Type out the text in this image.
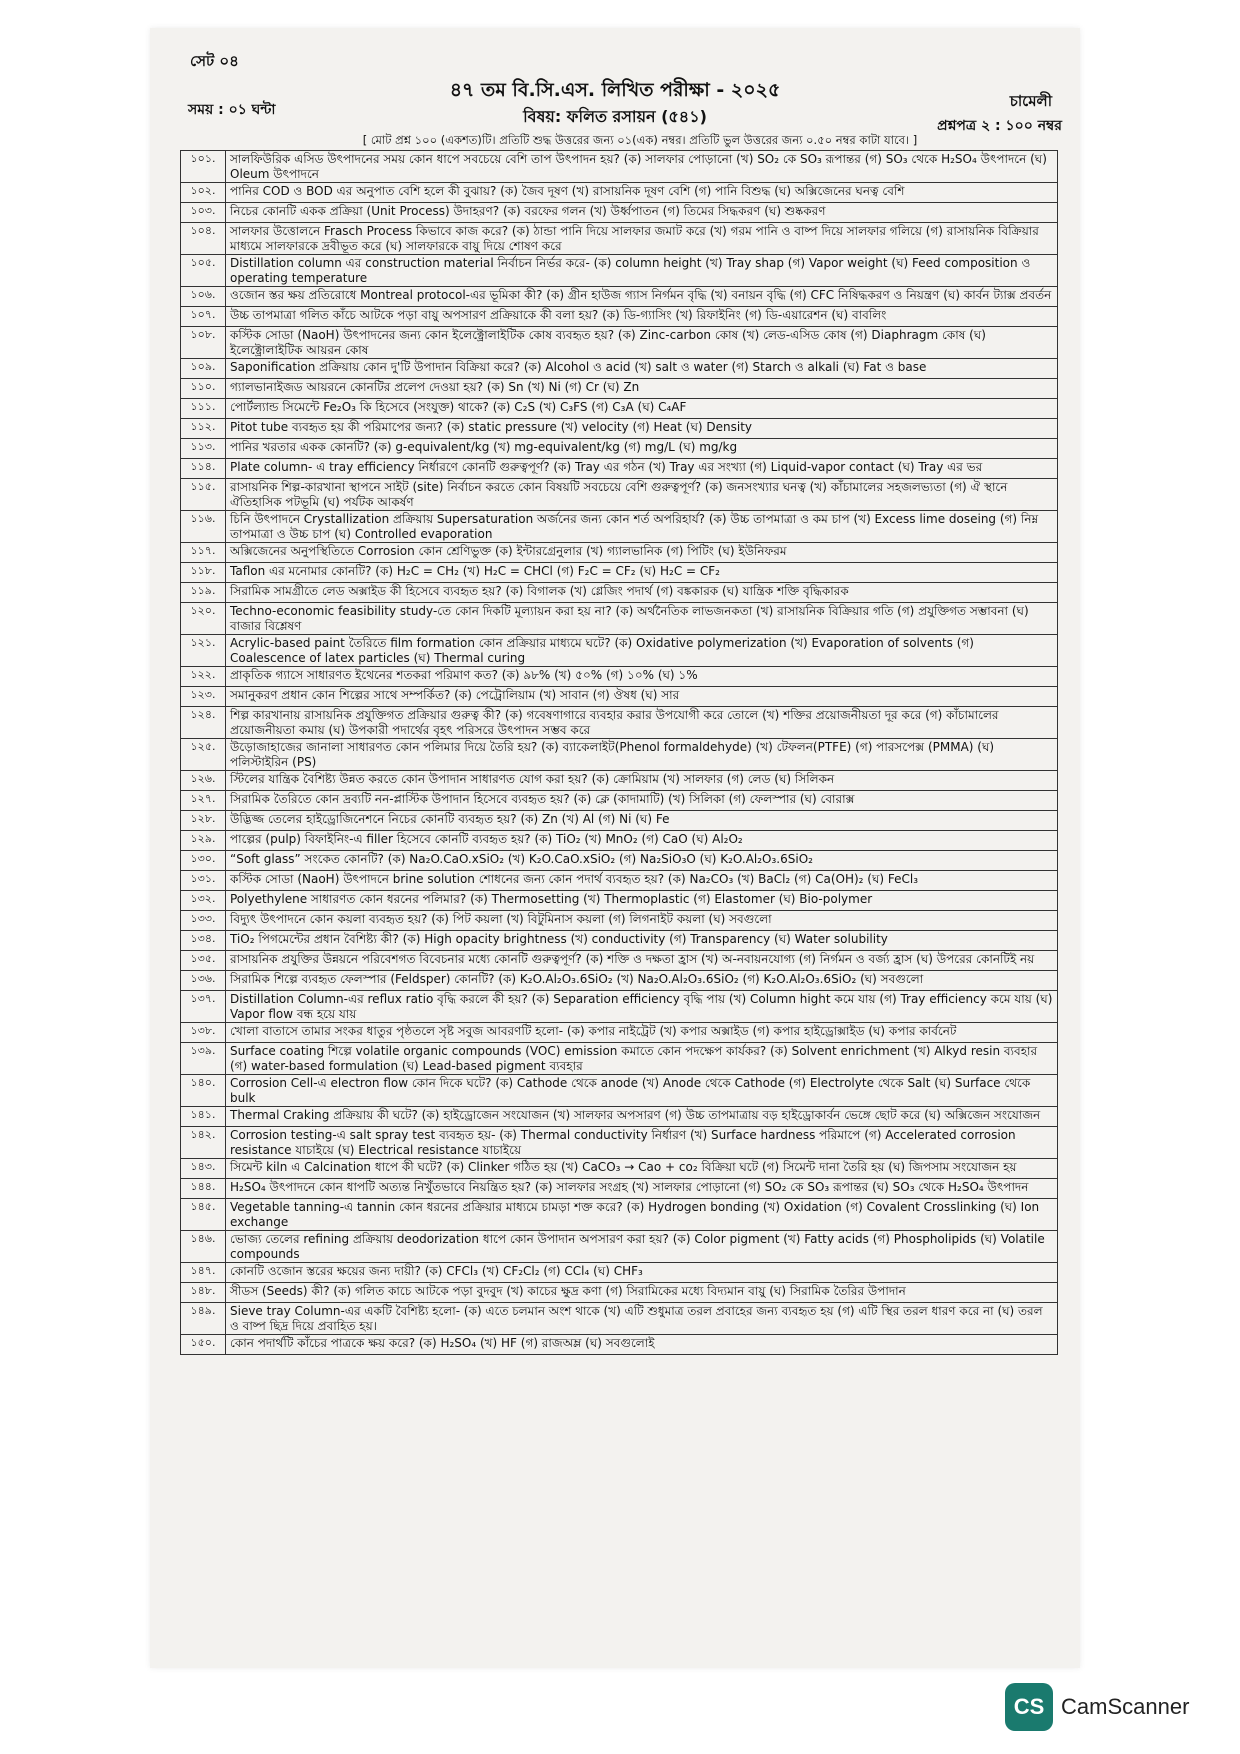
সেট ০৪
৪৭ তম বি.সি.এস. লিখিত পরীক্ষা - ২০২৫
সময় : ০১ ঘন্টা	বিষয়: ফলিত রসায়ন (৫৪১)
চামেলী
প্রশ্নপত্র ২ : ১০০ নম্বর
[ মোট প্রশ্ন ১০০ (একশত)টি। প্রতিটি শুদ্ধ উত্তরের জন্য ০১(এক) নম্বর। প্রতিটি ভুল উত্তরের জন্য ০.৫০ নম্বর কাটা যাবে। ]
১০১.	সালফিউরিক এসিড উৎপাদনের সময় কোন ধাপে সবচেয়ে বেশি তাপ উৎপাদন হয়? (ক) সালফার পোড়ানো (খ) SO₂ কে SO₃ রূপান্তর (গ) SO₃ থেকে H₂SO₄ উৎপাদনে (ঘ) Oleum উৎপাদনে
১০২.	পানির COD ও BOD এর অনুপাত বেশি হলে কী বুঝায়? (ক) জৈব দূষণ (খ) রাসায়নিক দূষণ বেশি (গ) পানি বিশুদ্ধ (ঘ) অক্সিজেনের ঘনত্ব বেশি
১০৩.	নিচের কোনটি একক প্রক্রিয়া (Unit Process) উদাহরণ? (ক) বরফের গলন (খ) উর্ধ্বপাতন (গ) তিমের সিদ্ধকরণ (ঘ) শুষ্ককরণ
১০৪.	সালফার উত্তোলনে Frasch Process কিভাবে কাজ করে? (ক) ঠান্ডা পানি দিয়ে সালফার জমাট করে (খ) গরম পানি ও বাষ্প দিয়ে সালফার গলিয়ে (গ) রাসায়নিক বিক্রিয়ার মাধ্যমে সালফারকে দ্রবীভূত করে (ঘ) সালফারকে বায়ু দিয়ে শোষণ করে
১০৫.	Distillation column এর construction material নির্বাচন নির্ভর করে- (ক) column height (খ) Tray shap (গ) Vapor weight (ঘ) Feed composition ও operating temperature
১০৬.	ওজোন স্তর ক্ষয় প্রতিরোধে Montreal protocol-এর ভূমিকা কী? (ক) গ্রীন হাউজ গ্যাস নির্গমন বৃদ্ধি (খ) বনায়ন বৃদ্ধি (গ) CFC নিষিদ্ধকরণ ও নিয়ন্ত্রণ (ঘ) কার্বন ট্যাক্স প্রবর্তন
১০৭.	উচ্চ তাপমাত্রা গলিত কাঁচে আটকে পড়া বায়ু অপসারণ প্রক্রিয়াকে কী বলা হয়? (ক) ডি-গ্যাসিং (খ) রিফাইনিং (গ) ডি-এয়ারেশন (ঘ) বাবলিং
১০৮.	কস্টিক সোডা (NaoH) উৎপাদনের জন্য কোন ইলেক্ট্রোলাইটিক কোষ ব্যবহৃত হয়? (ক) Zinc-carbon কোষ (খ) লেড-এসিড কোষ (গ) Diaphragm কোষ (ঘ) ইলেক্ট্রোলাইটিক আয়রন কোষ
১০৯.	Saponification প্রক্রিয়ায় কোন দু'টি উপাদান বিক্রিয়া করে? (ক) Alcohol ও acid (খ) salt ও water (গ) Starch ও alkali (ঘ) Fat ও base
১১০.	গ্যালভানাইজড আয়রনে কোনটির প্রলেপ দেওয়া হয়? (ক) Sn (খ) Ni (গ) Cr (ঘ) Zn
১১১.	পোর্টল্যান্ড সিমেন্টে Fe₂O₃ কি হিসেবে (সংযুক্ত) থাকে? (ক) C₂S (খ) C₃FS (গ) C₃A (ঘ) C₄AF
১১২.	Pitot tube ব্যবহৃত হয় কী পরিমাপের জন্য? (ক) static pressure (খ) velocity (গ) Heat (ঘ) Density
১১৩.	পানির খরতার একক কোনটি? (ক) g-equivalent/kg (খ) mg-equivalent/kg (গ) mg/L (ঘ) mg/kg
১১৪.	Plate column- এ tray efficiency নির্ধারণে কোনটি গুরুত্বপূর্ণ? (ক) Tray এর গঠন (খ) Tray এর সংখ্যা (গ) Liquid-vapor contact (ঘ) Tray এর ভর
১১৫.	রাসায়নিক শিল্প-কারখানা স্থাপনে সাইট (site) নির্বাচন করতে কোন বিষয়টি সবচেয়ে বেশি গুরুত্বপূর্ণ? (ক) জনসংখ্যার ঘনত্ব (খ) কাঁচামালের সহজলভ্যতা (গ) ঐ স্থানে ঐতিহাসিক পটভূমি (ঘ) পর্যটক আকর্ষণ
১১৬.	চিনি উৎপাদনে Crystallization প্রক্রিয়ায় Supersaturation অর্জনের জন্য কোন শর্ত অপরিহার্য? (ক) উচ্চ তাপমাত্রা ও কম চাপ (খ) Excess lime doseing (গ) নিম্ন তাপমাত্রা ও উচ্চ চাপ (ঘ) Controlled evaporation
১১৭.	অক্সিজেনের অনুপস্থিতিতে Corrosion কোন শ্রেণিভুক্ত (ক) ইন্টারগ্রেনুলার (খ) গ্যালভানিক (গ) পিটিং (ঘ) ইউনিফরম
১১৮.	Taflon এর মনোমার কোনটি? (ক) H₂C = CH₂ (খ) H₂C = CHCl (গ) F₂C = CF₂ (ঘ) H₂C = CF₂
১১৯.	সিরামিক সামগ্রীতে লেড অক্সাইড কী হিসেবে ব্যবহৃত হয়? (ক) বিগালক (খ) গ্লেজিং পদার্থ (গ) বঙ্ককারক (ঘ) যান্ত্রিক শক্তি বৃদ্ধিকারক
১২০.	Techno-economic feasibility study-তে কোন দিকটি মূল্যায়ন করা হয় না? (ক) অর্থনৈতিক লাভজনকতা (খ) রাসায়নিক বিক্রিয়ার গতি (গ) প্রযুক্তিগত সম্ভাবনা (ঘ) বাজার বিশ্লেষণ
১২১.	Acrylic-based paint তৈরিতে film formation কোন প্রক্রিয়ার মাধ্যমে ঘটে? (ক) Oxidative polymerization (খ) Evaporation of solvents (গ) Coalescence of latex particles (ঘ) Thermal curing
১২২.	প্রাকৃতিক গ্যাসে সাধারণত ইথেনের শতকরা পরিমাণ কত? (ক) ৯৮% (খ) ৫০% (গ) ১০% (ঘ) ১%
১২৩.	সমানুকরণ প্রধান কোন শিল্পের সাথে সম্পর্কিত? (ক) পেট্রোলিয়াম (খ) সাবান (গ) ঔষধ (ঘ) সার
১২৪.	শিল্প কারখানায় রাসায়নিক প্রযুক্তিগত প্রক্রিয়ার গুরুত্ব কী? (ক) গবেষণাগারে ব্যবহার করার উপযোগী করে তোলে (খ) শক্তির প্রয়োজনীয়তা দূর করে (গ) কাঁচামালের প্রয়োজনীয়তা কমায় (ঘ) উপকারী পদার্থের বৃহৎ পরিসরে উৎপাদন সম্ভব করে
১২৫.	উড়োজাহাজের জানালা সাধারণত কোন পলিমার দিয়ে তৈরি হয়? (ক) ব্যাকেলাইট(Phenol formaldehyde) (খ) টেফলন(PTFE) (গ) পারসপেক্স (PMMA) (ঘ) পলিস্টাইরিন (PS)
১২৬.	স্টিলের যান্ত্রিক বৈশিষ্ট্য উন্নত করতে কোন উপাদান সাধারণত যোগ করা হয়? (ক) ক্রোমিয়াম (খ) সালফার (গ) লেড (ঘ) সিলিকন
১২৭.	সিরামিক তৈরিতে কোন দ্রব্যটি নন-প্লাস্টিক উপাদান হিসেবে ব্যবহৃত হয়? (ক) ক্লে (কাদামাটি) (খ) সিলিকা (গ) ফেলস্পার (ঘ) বোরাক্স
১২৮.	উদ্ভিজ্জ তেলের হাইড্রোজিনেশনে নিচের কোনটি ব্যবহৃত হয়? (ক) Zn (খ) Al (গ) Ni (ঘ) Fe
১২৯.	পাল্পের (pulp) বিফাইনিং-এ filler হিসেবে কোনটি ব্যবহৃত হয়? (ক) TiO₂ (খ) MnO₂ (গ) CaO (ঘ) Al₂O₂
১৩০.	“Soft glass” সংকেত কোনটি? (ক) Na₂O.CaO.xSiO₂ (খ) K₂O.CaO.xSiO₂ (গ) Na₂SiO₃O (ঘ) K₂O.Al₂O₃.6SiO₂
১৩১.	কস্টিক সোডা (NaoH) উৎপাদনে brine solution শোধনের জন্য কোন পদার্থ ব্যবহৃত হয়? (ক) Na₂CO₃ (খ) BaCl₂ (গ) Ca(OH)₂ (ঘ) FeCl₃
১৩২.	Polyethylene সাধারণত কোন ধরনের পলিমার? (ক) Thermosetting (খ) Thermoplastic (গ) Elastomer (ঘ) Bio-polymer
১৩৩.	বিদ্যুৎ উৎপাদনে কোন কয়লা ব্যবহৃত হয়? (ক) পিট কয়লা (খ) বিটুমিনাস কয়লা (গ) লিগনাইট কয়লা (ঘ) সবগুলো
১৩৪.	TiO₂ পিগমেন্টের প্রধান বৈশিষ্ট্য কী? (ক) High opacity brightness (খ) conductivity (গ) Transparency (ঘ) Water solubility
১৩৫.	রাসায়নিক প্রযুক্তির উন্নয়নে পরিবেশগত বিবেচনার মধ্যে কোনটি গুরুত্বপূর্ণ? (ক) শক্তি ও দক্ষতা হ্রাস (খ) অ-নবায়নযোগ্য (গ) নির্গমন ও বর্জ্য হ্রাস (ঘ) উপরের কোনটিই নয়
১৩৬.	সিরামিক শিল্পে ব্যবহৃত ফেলস্পার (Feldsper) কোনটি? (ক) K₂O.Al₂O₃.6SiO₂ (খ) Na₂O.Al₂O₃.6SiO₂ (গ) K₂O.Al₂O₃.6SiO₂ (ঘ) সবগুলো
১৩৭.	Distillation Column-এর reflux ratio বৃদ্ধি করলে কী হয়? (ক) Separation efficiency বৃদ্ধি পায় (খ) Column hight কমে যায় (গ) Tray efficiency কমে যায় (ঘ) Vapor flow বন্ধ হয়ে যায়
১৩৮.	খোলা বাতাসে তামার সংকর ধাতুর পৃষ্ঠতলে সৃষ্ট সবুজ আবরণটি হলো- (ক) কপার নাইট্রেট (খ) কপার অক্সাইড (গ) কপার হাইড্রোক্সাইড (ঘ) কপার কার্বনেট
১৩৯.	Surface coating শিল্পে volatile organic compounds (VOC) emission কমাতে কোন পদক্ষেপ কার্যকর? (ক) Solvent enrichment (খ) Alkyd resin ব্যবহার (গ) water-based formulation (ঘ) Lead-based pigment ব্যবহার
১৪০.	Corrosion Cell-এ electron flow কোন দিকে ঘটে? (ক) Cathode থেকে anode (খ) Anode থেকে Cathode (গ) Electrolyte থেকে Salt (ঘ) Surface থেকে bulk
১৪১.	Thermal Craking প্রক্রিয়ায় কী ঘটে? (ক) হাইড্রোজেন সংযোজন (খ) সালফার অপসারণ (গ) উচ্চ তাপমাত্রায় বড় হাইড্রোকার্বন ভেঙ্গে ছোট করে (ঘ) অক্সিজেন সংযোজন
১৪২.	Corrosion testing-এ salt spray test ব্যবহৃত হয়- (ক) Thermal conductivity নির্ধারণ (খ) Surface hardness পরিমাপে (গ) Accelerated corrosion resistance যাচাইয়ে (ঘ) Electrical resistance যাচাইয়ে
১৪৩.	সিমেন্ট kiln এ Calcination ধাপে কী ঘটে? (ক) Clinker গঠিত হয় (খ) CaCO₃ → Cao + co₂ বিক্রিয়া ঘটে (গ) সিমেন্ট দানা তৈরি হয় (ঘ) জিপসাম সংযোজন হয়
১৪৪.	H₂SO₄ উৎপাদনে কোন ধাপটি অত্যন্ত নিখুঁতভাবে নিয়ন্ত্রিত হয়? (ক) সালফার সংগ্রহ (খ) সালফার পোড়ানো (গ) SO₂ কে SO₃ রূপান্তর (ঘ) SO₃ থেকে H₂SO₄ উৎপাদন
১৪৫.	Vegetable tanning-এ tannin কোন ধরনের প্রক্রিয়ার মাধ্যমে চামড়া শক্ত করে? (ক) Hydrogen bonding (খ) Oxidation (গ) Covalent Crosslinking (ঘ) Ion exchange
১৪৬.	ভোজ্য তেলের refining প্রক্রিয়ায় deodorization ধাপে কোন উপাদান অপসারণ করা হয়? (ক) Color pigment (খ) Fatty acids (গ) Phospholipids (ঘ) Volatile compounds
১৪৭.	কোনটি ওজোন স্তরের ক্ষয়ের জন্য দায়ী? (ক) CFCl₃ (খ) CF₂Cl₂ (গ) CCl₄ (ঘ) CHF₃
১৪৮.	সীডস (Seeds) কী? (ক) গলিত কাচে আটকে পড়া বুদবুদ (খ) কাচের ক্ষুদ্র কণা (গ) সিরামিকের মধ্যে বিদ্যমান বায়ু (ঘ) সিরামিক তৈরির উপাদান
১৪৯.	Sieve tray Column-এর একটি বৈশিষ্ট্য হলো- (ক) এতে চলমান অংশ থাকে (খ) এটি শুধুমাত্র তরল প্রবাহের জন্য ব্যবহৃত হয় (গ) এটি স্থির তরল ধারণ করে না (ঘ) তরল ও বাষ্প ছিদ্র দিয়ে প্রবাহিত হয়।
১৫০.	কোন পদার্থটি কাঁচের পাত্রকে ক্ষয় করে? (ক) H₂SO₄ (খ) HF (গ) রাজঅম্ল (ঘ) সবগুলোই
CS CamScanner
